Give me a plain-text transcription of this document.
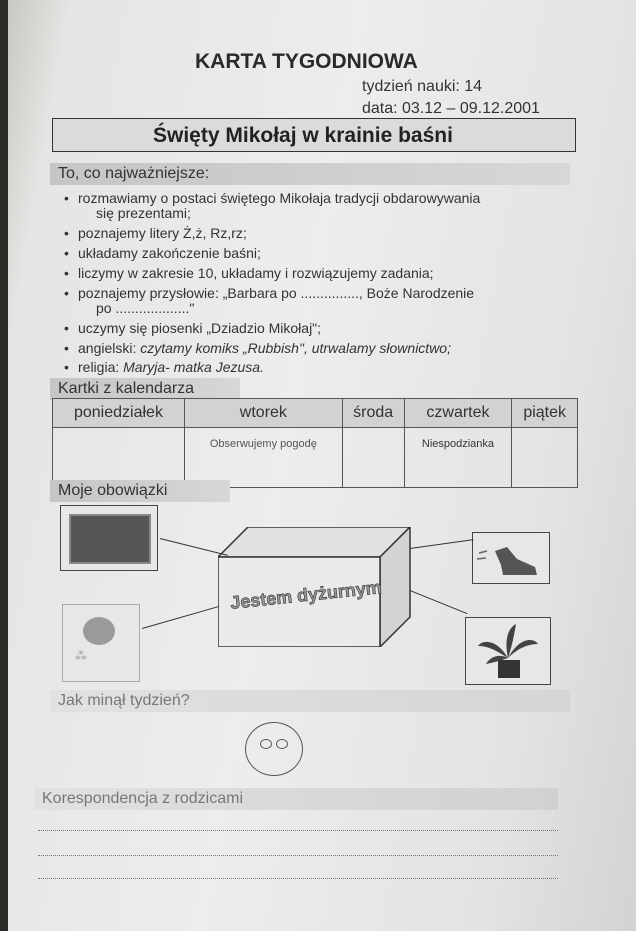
KARTA TYGODNIOWA
tydzień nauki: 14
data: 03.12 – 09.12.2001
Święty Mikołaj w krainie baśni
To, co najważniejsze:
• rozmawiamy o postaci świętego Mikołaja tradycji obdarowywania
się prezentami;
• poznajemy litery Ż,ż, Rz,rz;
• układamy zakończenie baśni;
• liczymy w zakresie 10, układamy i rozwiązujemy zadania;
• poznajemy przysłowie: „Barbara po ..............., Boże Narodzenie
po ..................."
• uczymy się piosenki „Dziadzio Mikołaj";
• angielski: czytamy komiks „Rubbish", utrwalamy słownictwo;
• religia: Maryja- matka Jezusa.
Kartki z kalendarza
poniedziałek	wtorek	środa	czwartek	piątek
	Obserwujemy pogodę		Niespodzianka	
Moje obowiązki
⁂
Jestem dyżurnym
Jak minął tydzień?
Korespondencja z rodzicami
